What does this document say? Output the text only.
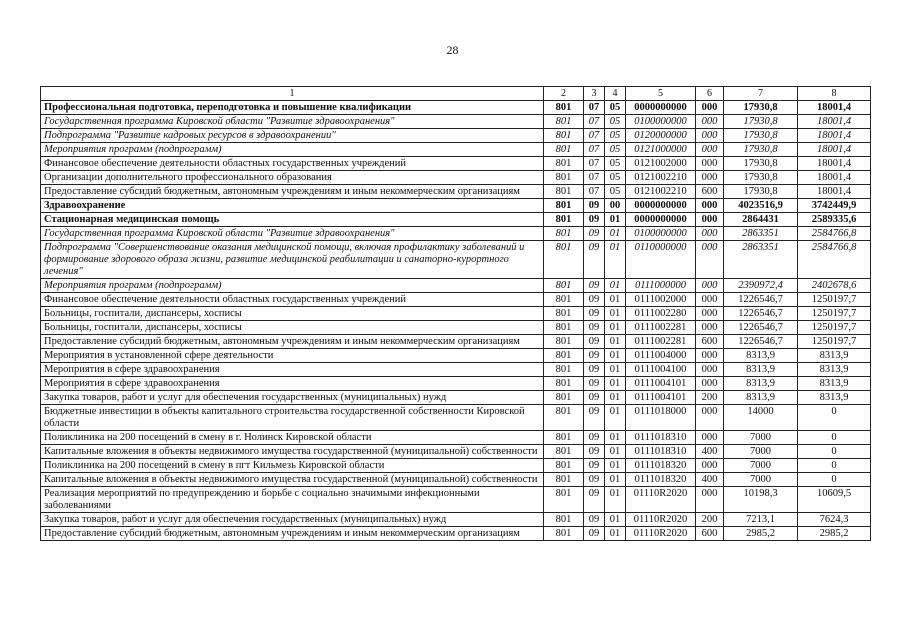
28
1	2	3	4	5	6	7	8
Профессиональная подготовка, переподготовка и повышение квалификации	801	07	05	0000000000	000	17930,8	18001,4
Государственная программа Кировской области "Развитие здравоохранения"	801	07	05	0100000000	000	17930,8	18001,4
Подпрограмма "Развитие кадровых ресурсов в здравоохранении"	801	07	05	0120000000	000	17930,8	18001,4
Мероприятия программ (подпрограмм)	801	07	05	0121000000	000	17930,8	18001,4
Финансовое обеспечение деятельности областных государственных учреждений	801	07	05	0121002000	000	17930,8	18001,4
Организации дополнительного профессионального образования	801	07	05	0121002210	000	17930,8	18001,4
Предоставление субсидий бюджетным, автономным учреждениям и иным некоммерческим организациям	801	07	05	0121002210	600	17930,8	18001,4
Здравоохранение	801	09	00	0000000000	000	4023516,9	3742449,9
Стационарная медицинская помощь	801	09	01	0000000000	000	2864431	2589335,6
Государственная программа Кировской области "Развитие здравоохранения"	801	09	01	0100000000	000	2863351	2584766,8
Подпрограмма "Совершенствование оказания медицинской помощи, включая профилактику заболеваний и формирование здорового образа жизни, развитие медицинской реабилитации и санаторно-курортного лечения"	801	09	01	0110000000	000	2863351	2584766,8
Мероприятия программ (подпрограмм)	801	09	01	0111000000	000	2390972,4	2402678,6
Финансовое обеспечение деятельности областных государственных учреждений	801	09	01	0111002000	000	1226546,7	1250197,7
Больницы, госпитали, диспансеры, хосписы	801	09	01	0111002280	000	1226546,7	1250197,7
Больницы, госпитали, диспансеры, хосписы	801	09	01	0111002281	000	1226546,7	1250197,7
Предоставление субсидий бюджетным, автономным учреждениям и иным некоммерческим организациям	801	09	01	0111002281	600	1226546,7	1250197,7
Мероприятия в установленной сфере деятельности	801	09	01	0111004000	000	8313,9	8313,9
Мероприятия в сфере здравоохранения	801	09	01	0111004100	000	8313,9	8313,9
Мероприятия в сфере здравоохранения	801	09	01	0111004101	000	8313,9	8313,9
Закупка товаров, работ и услуг для обеспечения государственных (муниципальных) нужд	801	09	01	0111004101	200	8313,9	8313,9
Бюджетные инвестиции в объекты капитального строительства государственной собственности Кировской области	801	09	01	0111018000	000	14000	0
Поликлиника на 200 посещений в смену в г. Нолинск Кировской области	801	09	01	0111018310	000	7000	0
Капитальные вложения в объекты недвижимого имущества государственной (муниципальной) собственности	801	09	01	0111018310	400	7000	0
Поликлиника на 200 посещений в смену в пгт Кильмезь Кировской области	801	09	01	0111018320	000	7000	0
Капитальные вложения в объекты недвижимого имущества государственной (муниципальной) собственности	801	09	01	0111018320	400	7000	0
Реализация мероприятий по предупреждению и борьбе с социально значимыми инфекционными заболеваниями	801	09	01	01110R2020	000	10198,3	10609,5
Закупка товаров, работ и услуг для обеспечения государственных (муниципальных) нужд	801	09	01	01110R2020	200	7213,1	7624,3
Предоставление субсидий бюджетным, автономным учреждениям и иным некоммерческим организациям	801	09	01	01110R2020	600	2985,2	2985,2
